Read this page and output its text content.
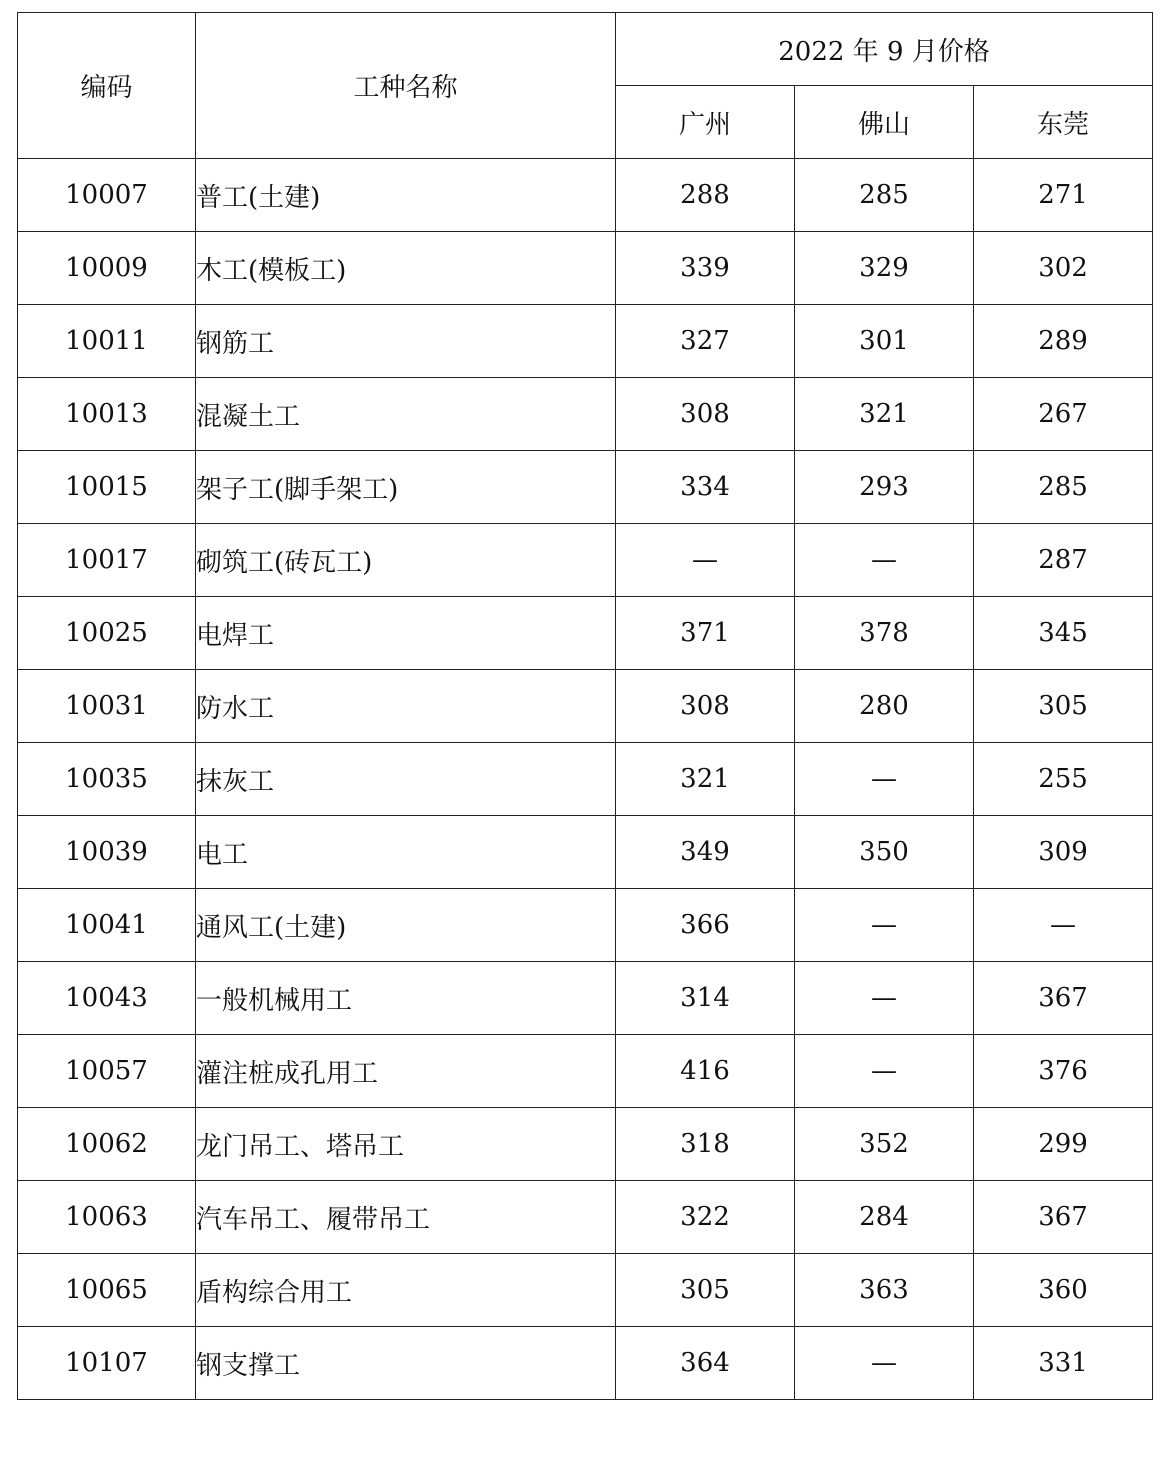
编码	工种名称	2022 年 9 月价格		
		广州	佛山	东莞
10007	普工(土建)	288	285	271
10009	木工(模板工)	339	329	302
10011	钢筋工	327	301	289
10013	混凝土工	308	321	267
10015	架子工(脚手架工)	334	293	285
10017	砌筑工(砖瓦工)	—	—	287
10025	电焊工	371	378	345
10031	防水工	308	280	305
10035	抹灰工	321	—	255
10039	电工	349	350	309
10041	通风工(土建)	366	—	—
10043	一般机械用工	314	—	367
10057	灌注桩成孔用工	416	—	376
10062	龙门吊工、塔吊工	318	352	299
10063	汽车吊工、履带吊工	322	284	367
10065	盾构综合用工	305	363	360
10107	钢支撑工	364	—	331
